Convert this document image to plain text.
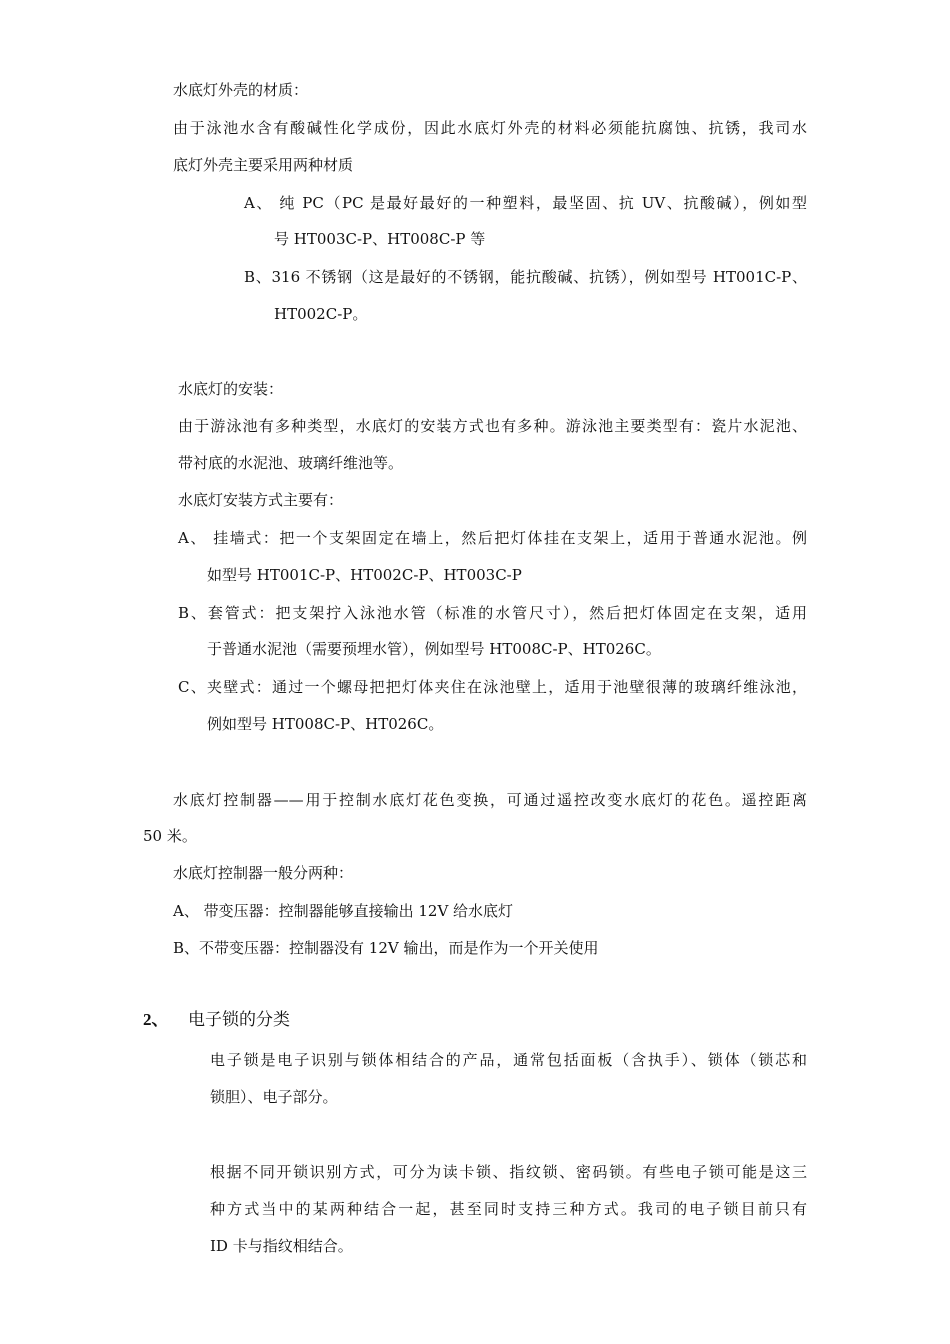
水底灯外壳的材质：
由于泳池水含有酸碱性化学成份，因此水底灯外壳的材料必须能抗腐蚀、抗锈，我司水
底灯外壳主要采用两种材质
A、 纯 PC（PC 是最好最好的一种塑料，最坚固、抗 UV、抗酸碱），例如型
号 HT003C-P、HT008C-P 等
B、316 不锈钢（这是最好的不锈钢，能抗酸碱、抗锈），例如型号 HT001C-P、
HT002C-P。
水底灯的安装：
由于游泳池有多种类型，水底灯的安装方式也有多种。游泳池主要类型有：瓷片水泥池、
带衬底的水泥池、玻璃纤维池等。
水底灯安装方式主要有：
A、 挂墙式：把一个支架固定在墙上，然后把灯体挂在支架上，适用于普通水泥池。例
如型号 HT001C-P、HT002C-P、HT003C-P
B、套管式：把支架拧入泳池水管（标准的水管尺寸），然后把灯体固定在支架，适用
于普通水泥池（需要预埋水管），例如型号 HT008C-P、HT026C。
C、夹壁式：通过一个螺母把把灯体夹住在泳池壁上，适用于池壁很薄的玻璃纤维泳池，
例如型号 HT008C-P、HT026C。
水底灯控制器——用于控制水底灯花色变换，可通过遥控改变水底灯的花色。遥控距离
50 米。
水底灯控制器一般分两种：
A、 带变压器：控制器能够直接输出 12V 给水底灯
B、不带变压器：控制器没有 12V 输出，而是作为一个开关使用
2、 电子锁的分类
电子锁是电子识别与锁体相结合的产品，通常包括面板（含执手）、锁体（锁芯和
锁胆）、电子部分。
根据不同开锁识别方式，可分为读卡锁、指纹锁、密码锁。有些电子锁可能是这三
种方式当中的某两种结合一起，甚至同时支持三种方式。我司的电子锁目前只有
ID 卡与指纹相结合。
